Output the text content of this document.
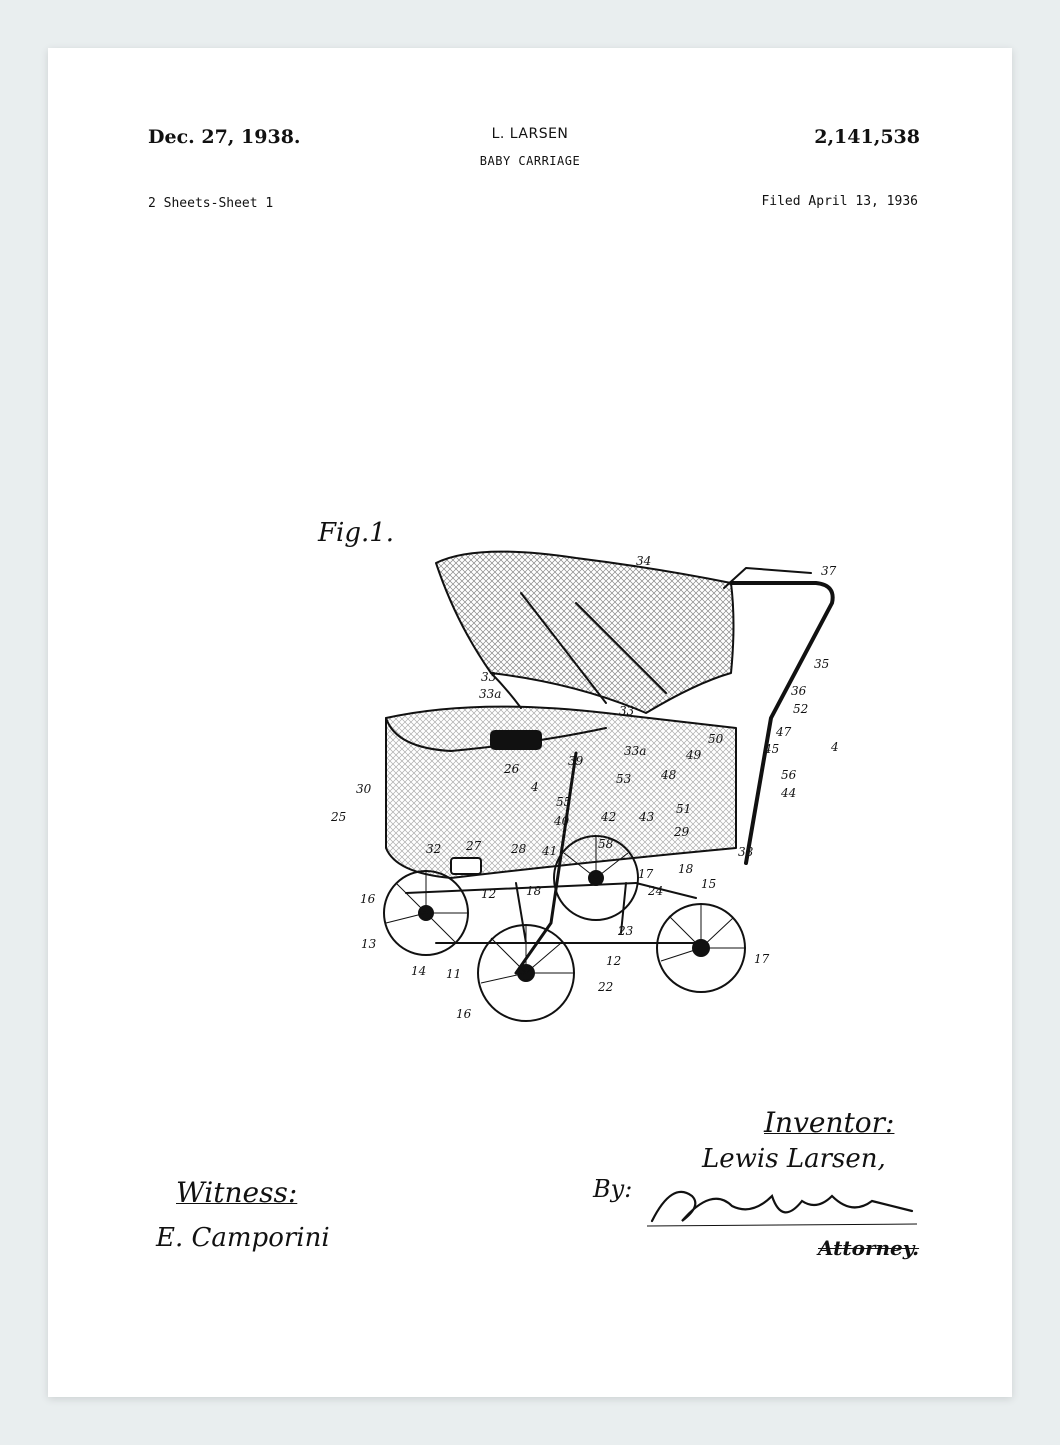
Dec. 27, 1938.	L. LARSEN
BABY CARRIAGE
2,141,538
2 Sheets-Sheet 1	Filed April 13, 1936
Fig.1.
34
37
35
36
52
33
33a
33
33a
47
45	4
26
39
53 48
49
50
56
44
30
25
4
55
40	42 43
51
29
38
32 27 28 41	58
17 18
15
16	12 18	24
13
14 11
23
12	17
22
16
Witness:
E. Camporini
Inventor:
Lewis Larsen,
By:
Attorney.
